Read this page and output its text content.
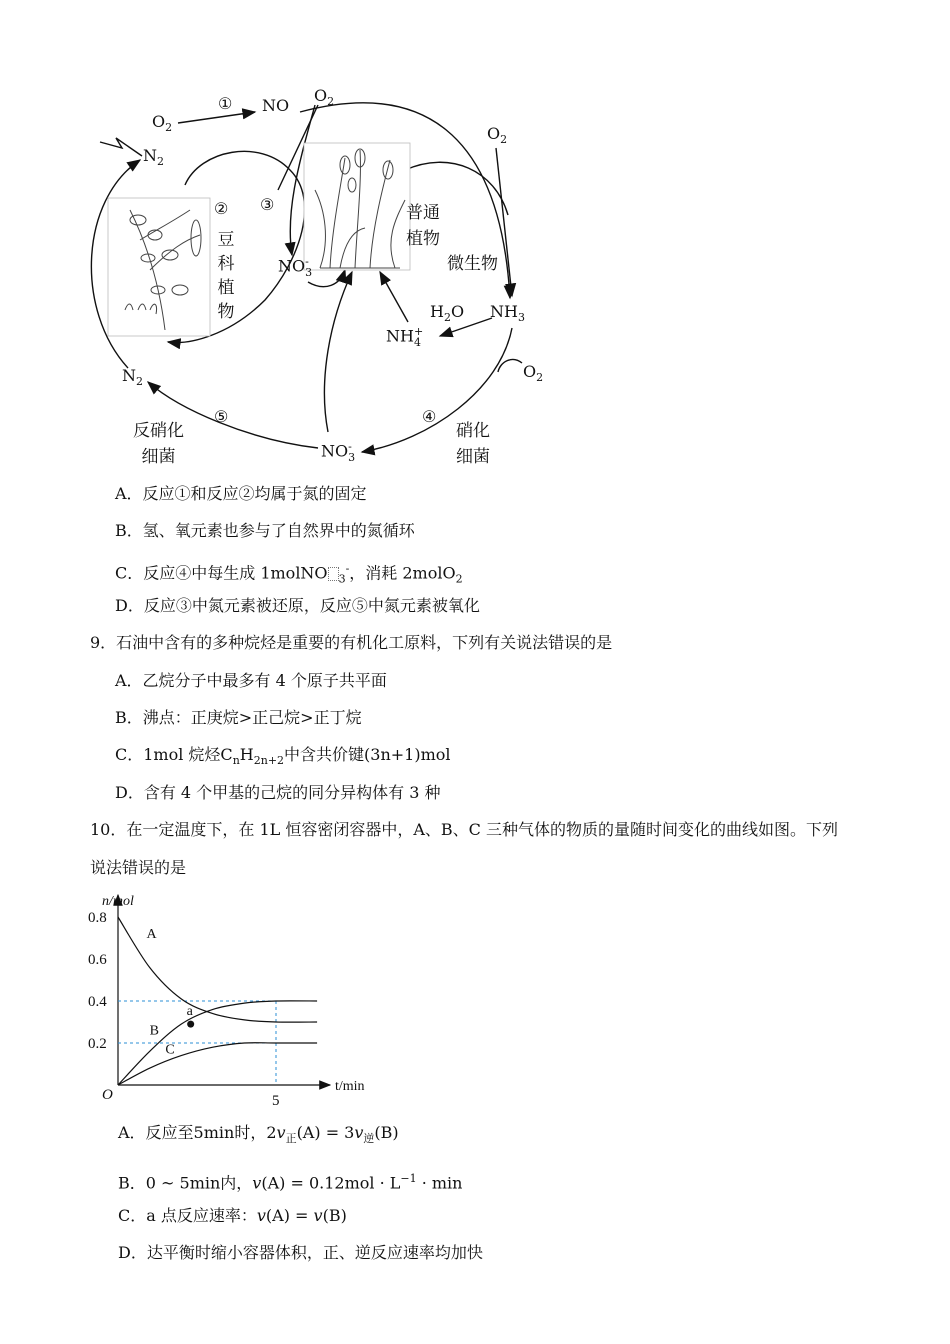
$O_2$
① NO
$O_2$
$O_2$
$N_2$
② ③
豆
科
植
物
普通
植物
微生物
NO -
3
$H_2O$ $NH_3$
NH +
4
$N_2$
$O_2$
⑤	④
反硝化
细菌
硝化
细菌
NO -
3
A．反应①和反应②均属于氮的固定
B．氢、氧元素也参与了自然界中的氮循环
C．反应④中每生成 1molNO $_3$-，消耗 2molO$_2$
D．反应③中氮元素被还原，反应⑤中氮元素被氧化
9．石油中含有的多种烷烃是重要的有机化工原料，下列有关说法错误的是
A．乙烷分子中最多有 4 个原子共平面
B．沸点：正庚烷>正己烷>正丁烷
C．1mol 烷烃$C_nH_{2n+2}$中含共价键(3n+1)mol
D．含有 4 个甲基的己烷的同分异构体有 3 种
10．在一定温度下，在 1L 恒容密闭容器中，A、B、C 三种气体的物质的量随时间变化的曲线如图。下列
说法错误的是
0.2
0.4
0.6
0.8
5
A
B
C
a
n/mol
t/min
O
A．反应至5min时，$2v_正(A) = 3v_逆(B)$
B．0 ~ 5min内，$v(A) = 0.12mol \cdot L^{-1} \cdot \min$
C．a 点反应速率：v(A) = v(B)
D．达平衡时缩小容器体积，正、逆反应速率均加快
